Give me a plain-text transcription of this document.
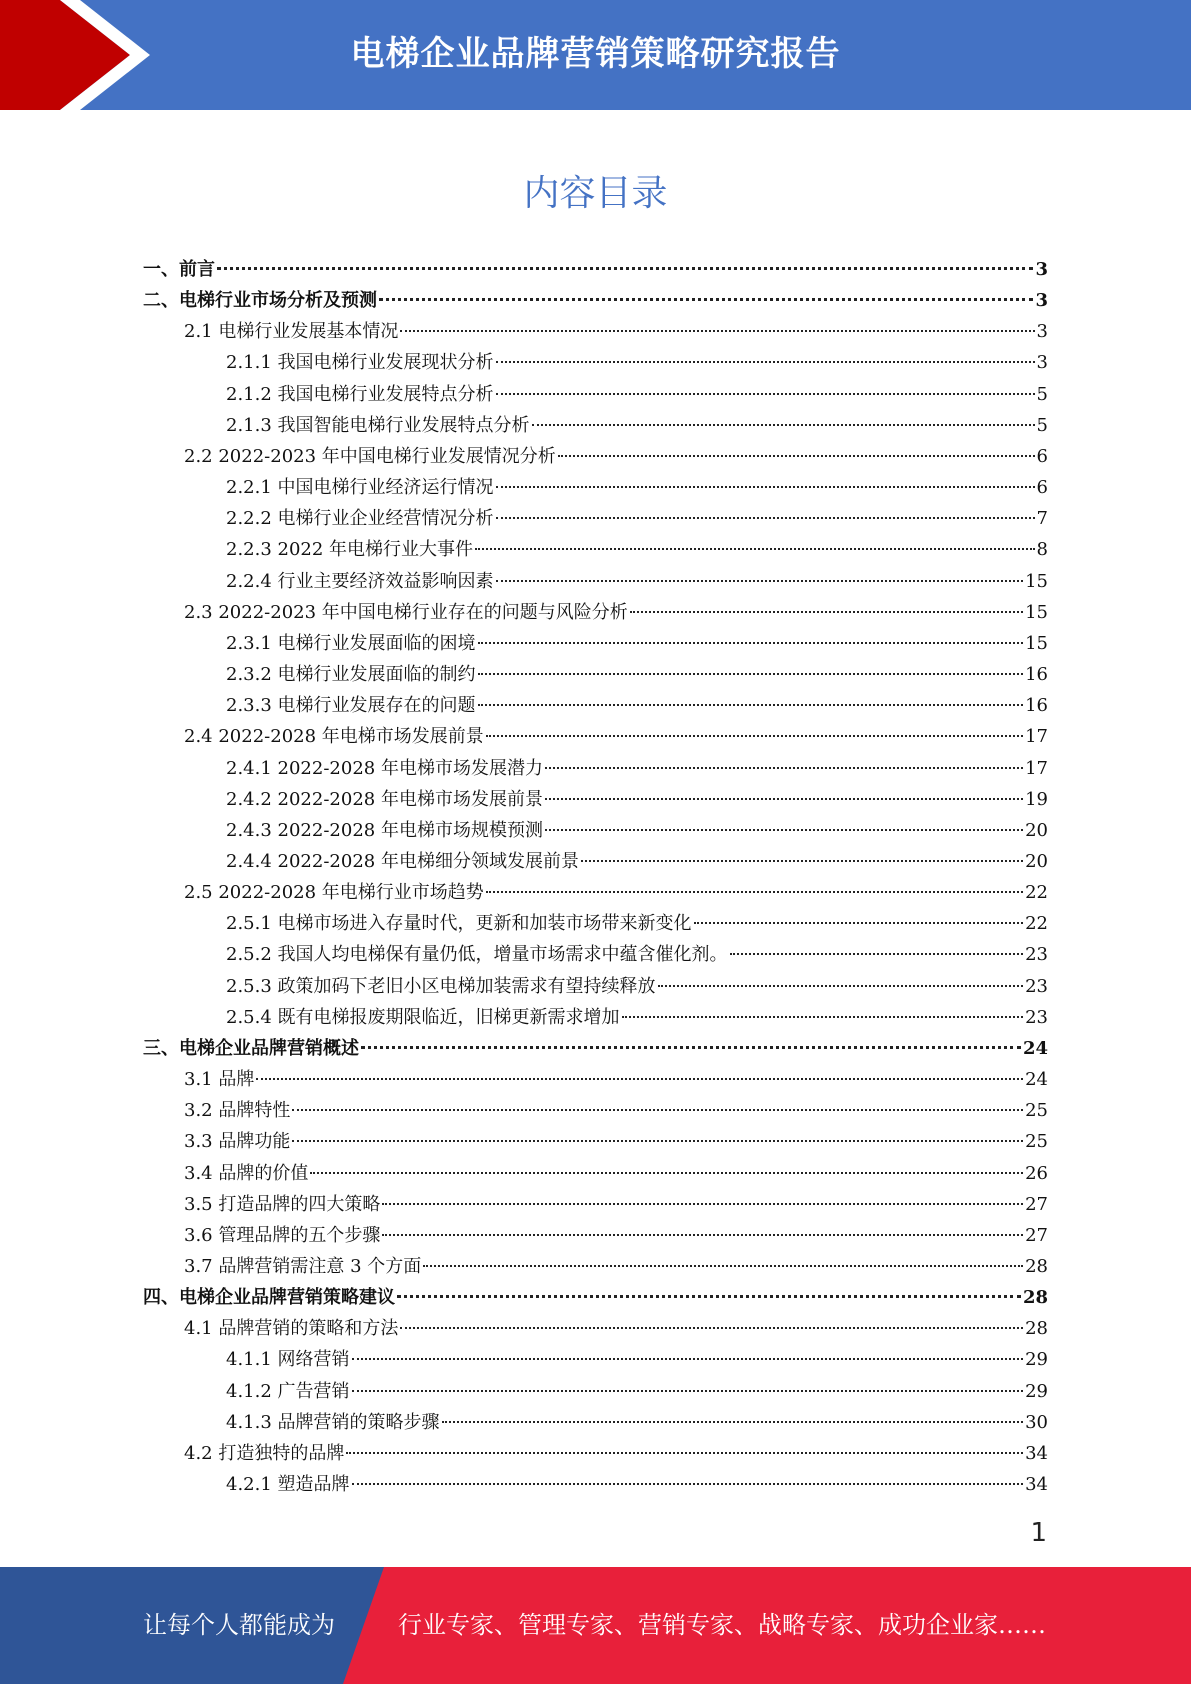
电梯企业品牌营销策略研究报告
内容目录
一、前言	3
二、电梯行业市场分析及预测	3
2.1 电梯行业发展基本情况	3
2.1.1 我国电梯行业发展现状分析	3
2.1.2 我国电梯行业发展特点分析	5
2.1.3 我国智能电梯行业发展特点分析	5
2.2 2022-2023 年中国电梯行业发展情况分析	6
2.2.1 中国电梯行业经济运行情况	6
2.2.2 电梯行业企业经营情况分析	7
2.2.3 2022 年电梯行业大事件	8
2.2.4 行业主要经济效益影响因素	15
2.3 2022-2023 年中国电梯行业存在的问题与风险分析	15
2.3.1 电梯行业发展面临的困境	15
2.3.2 电梯行业发展面临的制约	16
2.3.3 电梯行业发展存在的问题	16
2.4 2022-2028 年电梯市场发展前景	17
2.4.1 2022-2028 年电梯市场发展潜力	17
2.4.2 2022-2028 年电梯市场发展前景	19
2.4.3 2022-2028 年电梯市场规模预测	20
2.4.4 2022-2028 年电梯细分领域发展前景	20
2.5 2022-2028 年电梯行业市场趋势	22
2.5.1 电梯市场进入存量时代，更新和加装市场带来新变化	22
2.5.2 我国人均电梯保有量仍低，增量市场需求中蕴含催化剂。	23
2.5.3 政策加码下老旧小区电梯加装需求有望持续释放	23
2.5.4 既有电梯报废期限临近，旧梯更新需求增加	23
三、电梯企业品牌营销概述	24
3.1 品牌	24
3.2 品牌特性	25
3.3 品牌功能	25
3.4 品牌的价值	26
3.5 打造品牌的四大策略	27
3.6 管理品牌的五个步骤	27
3.7 品牌营销需注意 3 个方面	28
四、电梯企业品牌营销策略建议	28
4.1 品牌营销的策略和方法	28
4.1.1 网络营销	29
4.1.2 广告营销	29
4.1.3 品牌营销的策略步骤	30
4.2 打造独特的品牌	34
4.2.1 塑造品牌	34
1
让每个人都能成为	行业专家、管理专家、营销专家、战略专家、成功企业家……
